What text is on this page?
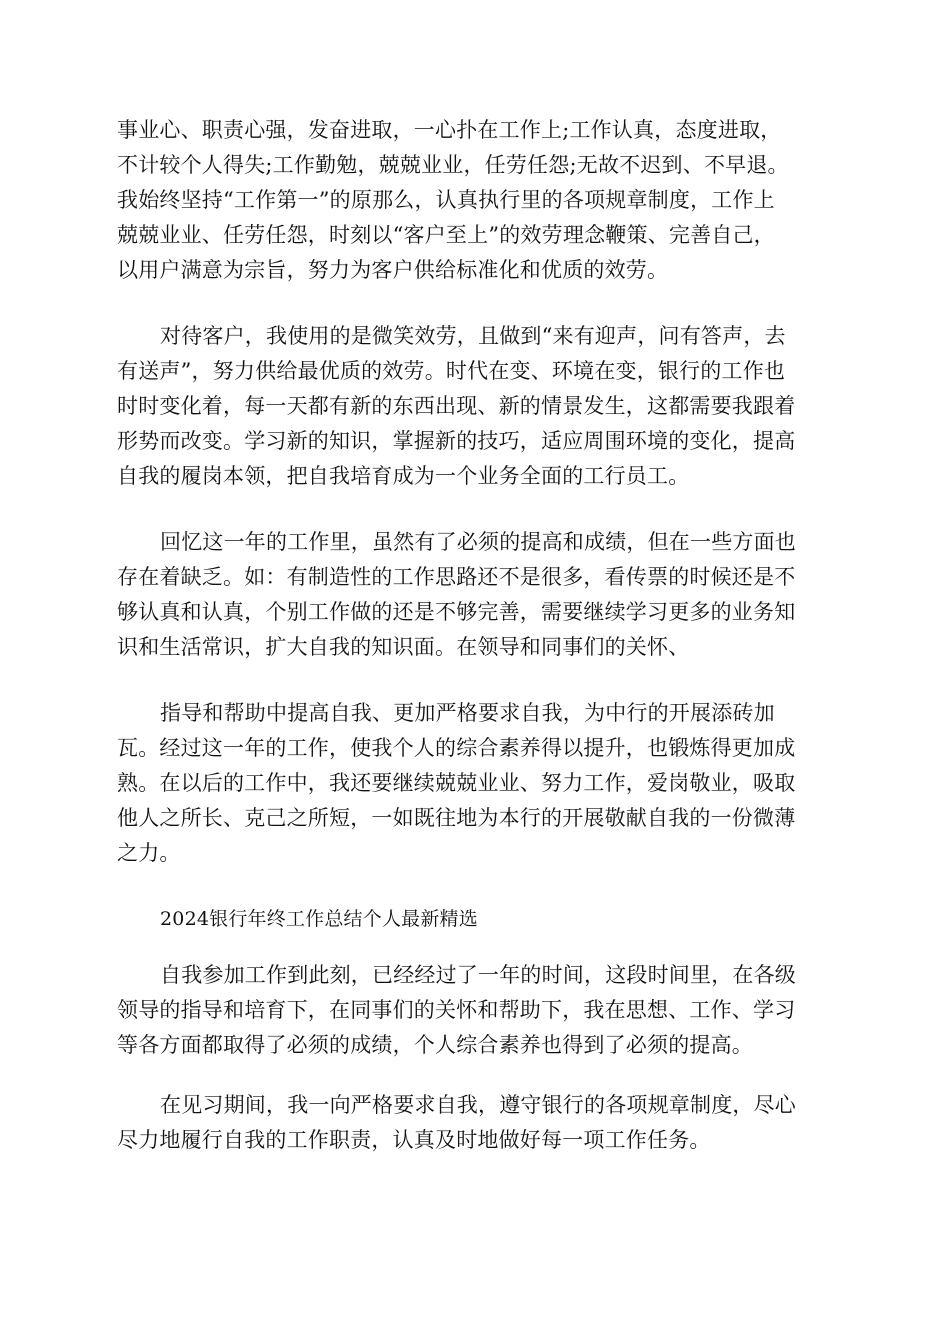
事业心、职责心强，发奋进取，一心扑在工作上;工作认真，态度进取，
不计较个人得失;工作勤勉，兢兢业业，任劳任怨;无故不迟到、不早退。
我始终坚持“工作第一”的原那么，认真执行里的各项规章制度，工作上
兢兢业业、任劳任怨，时刻以“客户至上”的效劳理念鞭策、完善自己，
以用户满意为宗旨，努力为客户供给标准化和优质的效劳。
对待客户，我使用的是微笑效劳，且做到“来有迎声，问有答声，去
有送声”，努力供给最优质的效劳。时代在变、环境在变，银行的工作也
时时变化着，每一天都有新的东西出现、新的情景发生，这都需要我跟着
形势而改变。学习新的知识，掌握新的技巧，适应周围环境的变化，提高
自我的履岗本领，把自我培育成为一个业务全面的工行员工。
回忆这一年的工作里，虽然有了必须的提高和成绩，但在一些方面也
存在着缺乏。如：有制造性的工作思路还不是很多，看传票的时候还是不
够认真和认真，个别工作做的还是不够完善，需要继续学习更多的业务知
识和生活常识，扩大自我的知识面。在领导和同事们的关怀、
指导和帮助中提高自我、更加严格要求自我，为中行的开展添砖加
瓦。经过这一年的工作，使我个人的综合素养得以提升，也锻炼得更加成
熟。在以后的工作中，我还要继续兢兢业业、努力工作，爱岗敬业，吸取
他人之所长、克己之所短，一如既往地为本行的开展敬献自我的一份微薄
之力。
2024银行年终工作总结个人最新精选
自我参加工作到此刻，已经经过了一年的时间，这段时间里，在各级
领导的指导和培育下，在同事们的关怀和帮助下，我在思想、工作、学习
等各方面都取得了必须的成绩，个人综合素养也得到了必须的提高。
在见习期间，我一向严格要求自我，遵守银行的各项规章制度，尽心
尽力地履行自我的工作职责，认真及时地做好每一项工作任务。
